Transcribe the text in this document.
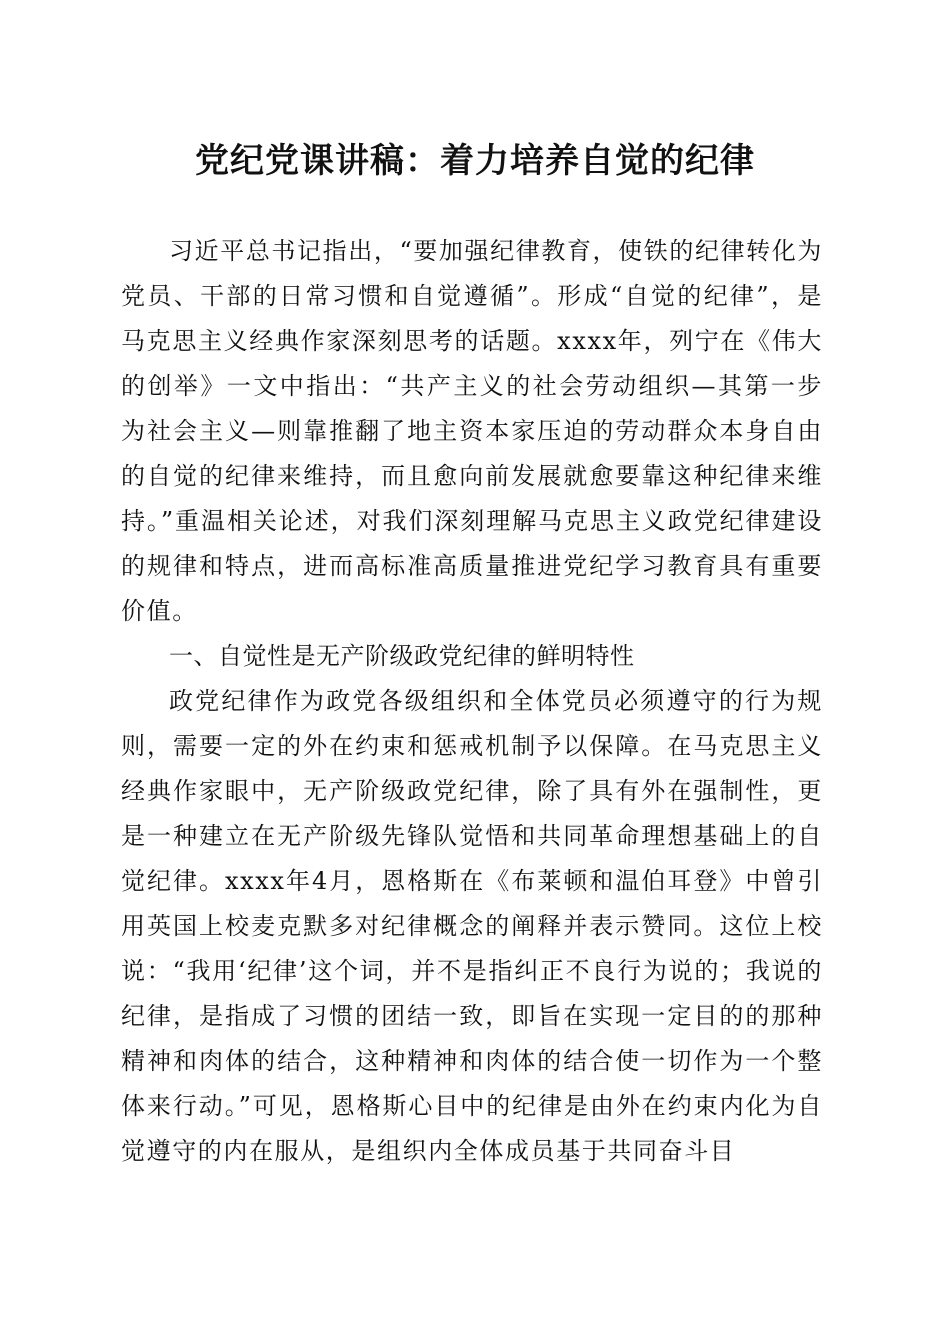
党纪党课讲稿：着力培养自觉的纪律

习近平总书记指出，“要加强纪律教育，使铁的纪律转化为党员、干部的日常习惯和自觉遵循”。形成“自觉的纪律”，是马克思主义经典作家深刻思考的话题。xxxx年，列宁在《伟大的创举》一文中指出：“共产主义的社会劳动组织—其第一步为社会主义—则靠推翻了地主资本家压迫的劳动群众本身自由的自觉的纪律来维持，而且愈向前发展就愈要靠这种纪律来维持。”重温相关论述，对我们深刻理解马克思主义政党纪律建设的规律和特点，进而高标准高质量推进党纪学习教育具有重要价值。

一、自觉性是无产阶级政党纪律的鲜明特性

政党纪律作为政党各级组织和全体党员必须遵守的行为规则，需要一定的外在约束和惩戒机制予以保障。在马克思主义经典作家眼中，无产阶级政党纪律，除了具有外在强制性，更是一种建立在无产阶级先锋队觉悟和共同革命理想基础上的自觉纪律。xxxx年4月，恩格斯在《布莱顿和温伯耳登》中曾引用英国上校麦克默多对纪律概念的阐释并表示赞同。这位上校说：“我用‘纪律’这个词，并不是指纠正不良行为说的；我说的纪律，是指成了习惯的团结一致，即旨在实现一定目的的那种精神和肉体的结合，这种精神和肉体的结合使一切作为一个整体来行动。”可见，恩格斯心目中的纪律是由外在约束内化为自觉遵守的内在服从，是组织内全体成员基于共同奋斗目
